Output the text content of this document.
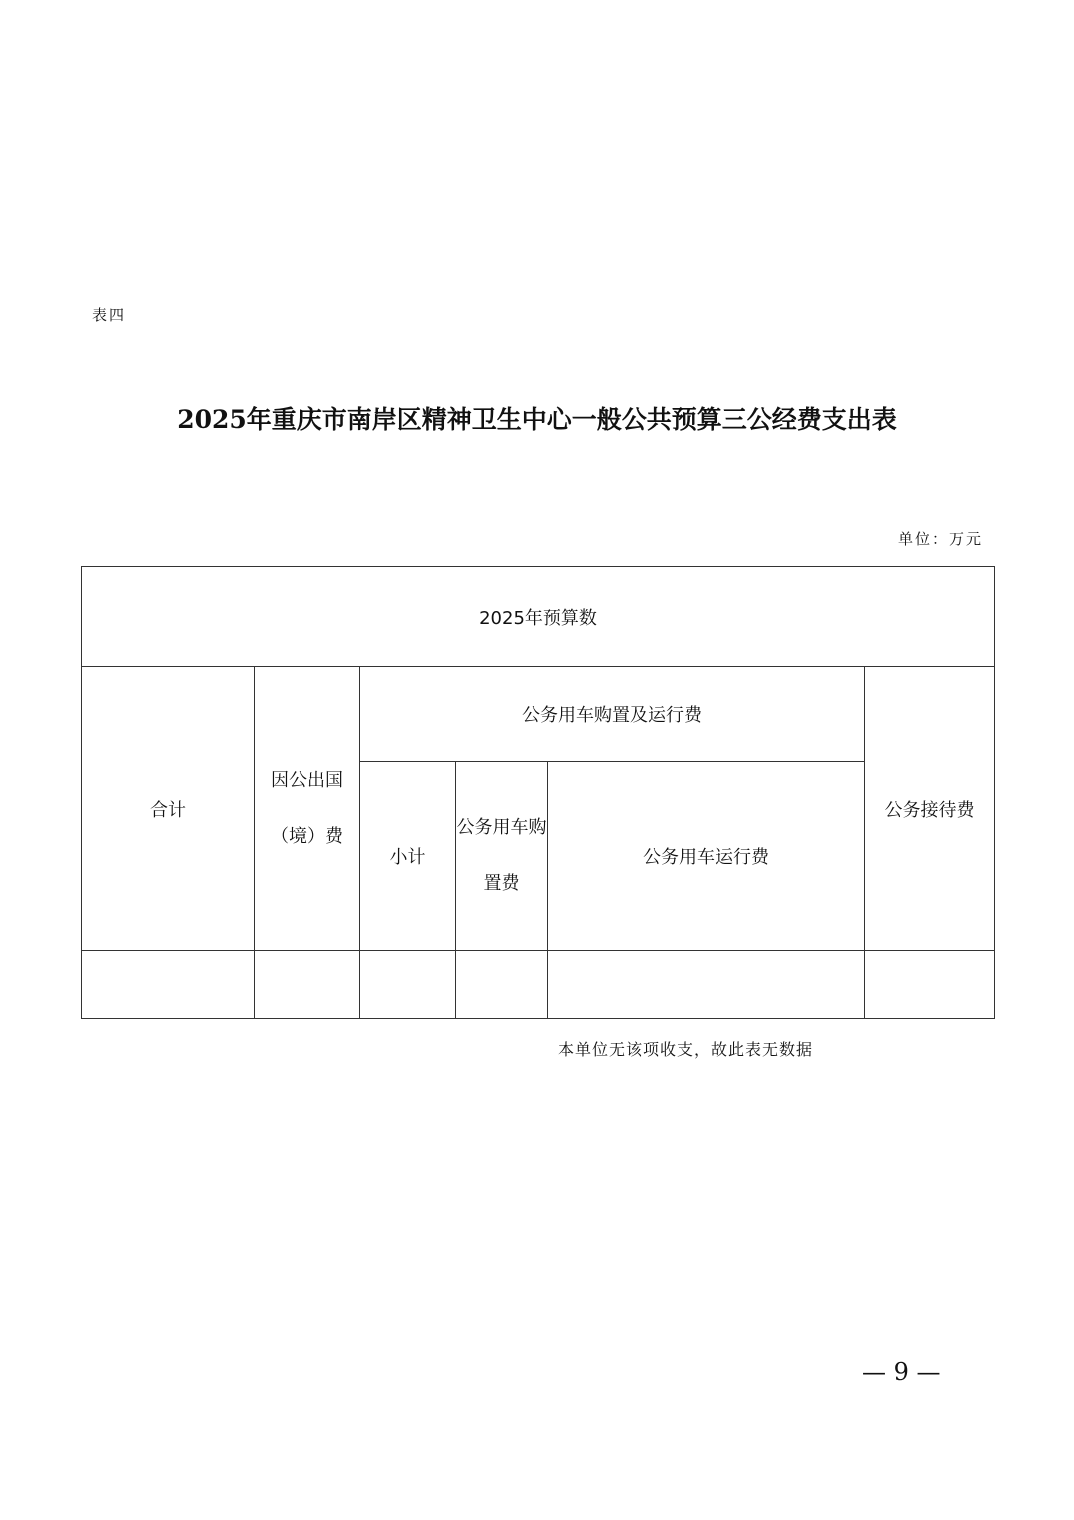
表四
2025年重庆市南岸区精神卫生中心一般公共预算三公经费支出表
单位：万元
2025年预算数					
合计	因公出国（境）费	公务用车购置及运行费			公务接待费
		小计	公务用车购置费	公务用车运行费	

本单位无该项收支，故此表无数据
— 9 —
